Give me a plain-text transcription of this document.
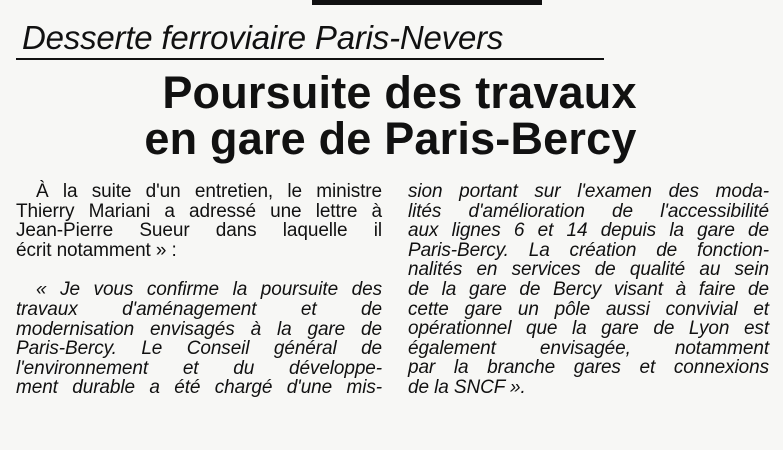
Desserte ferroviaire Paris-Nevers
Poursuite des travaux
en gare de Paris-Bercy
À la suite d'un entretien, le ministre
Thierry Mariani a adressé une lettre à
Jean-Pierre Sueur dans laquelle il
écrit notamment » :
« Je vous confirme la poursuite des
travaux d'aménagement et de
modernisation envisagés à la gare de
Paris-Bercy. Le Conseil général de
l'environnement et du développe-
ment durable a été chargé d'une mis-
sion portant sur l'examen des moda-
lités d'amélioration de l'accessibilité
aux lignes 6 et 14 depuis la gare de
Paris-Bercy. La création de fonction-
nalités en services de qualité au sein
de la gare de Bercy visant à faire de
cette gare un pôle aussi convivial et
opérationnel que la gare de Lyon est
également envisagée, notamment
par la branche gares et connexions
de la SNCF ».
